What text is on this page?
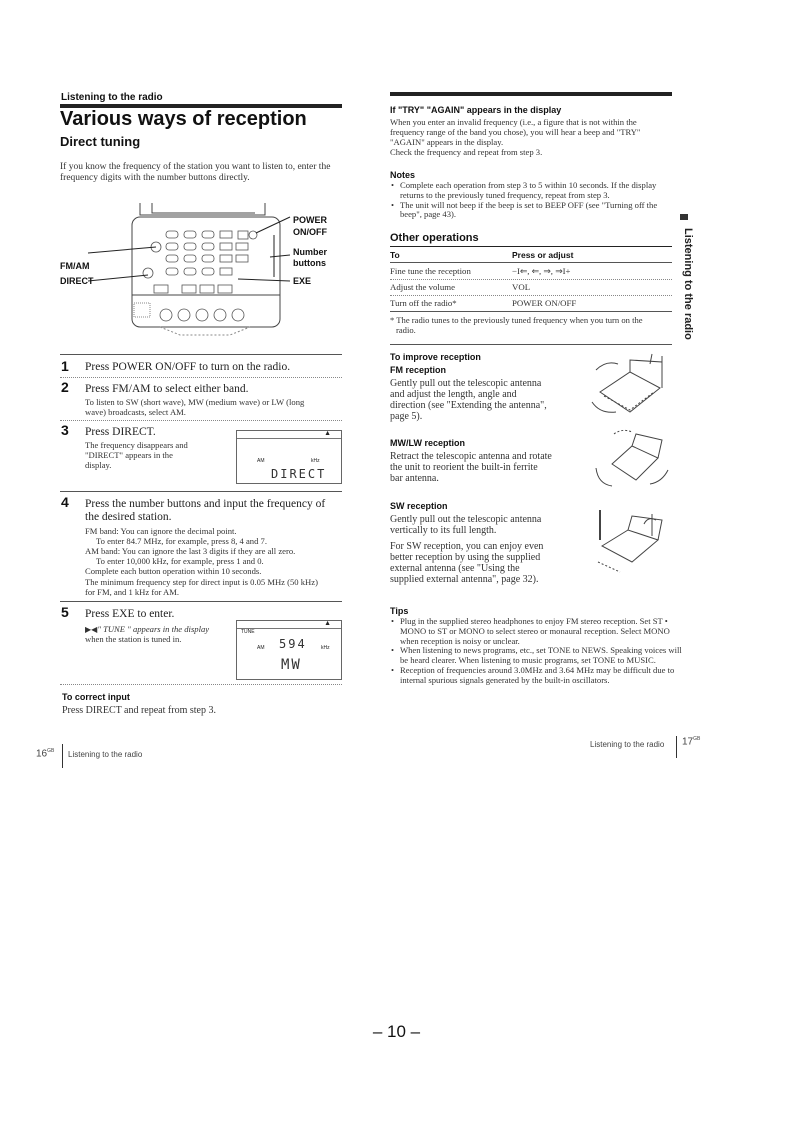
Listening to the radio
Various ways of reception
Direct tuning
If you know the frequency of the station you want to listen to, enter the frequency digits with the number buttons directly.
FM/AM
DIRECT
POWER
ON/OFF
Number
buttons
EXE
1 Press POWER ON/OFF to turn on the radio.
2 Press FM/AM to select either band.
To listen to SW (short wave), MW (medium wave) or LW (long
wave) broadcasts, select AM.
3 Press DIRECT.
The frequency disappears and
"DIRECT" appears in the
display.
▲
AM	kHz
DIRECT
4 Press the number buttons and input the frequency of
the desired station.
FM band: You can ignore the decimal point.
To enter 84.7 MHz, for example, press 8, 4 and 7.
AM band: You can ignore the last 3 digits if they are all zero.
To enter 10,000 kHz, for example, press 1 and 0.
Complete each button operation within 10 seconds.
The minimum frequency step for direct input is 0.05 MHz (50 kHz)
for FM, and 1 kHz for AM.
5 Press EXE to enter.
▶◀" TUNE " appears in the display
when the station is tuned in.
▲
TUNE
AM 594	kHz
MW
To correct input
Press DIRECT and repeat from step 3.
$16^{GB}$ Listening to the radio
If "TRY" "AGAIN" appears in the display
When you enter an invalid frequency (i.e., a figure that is not within the
frequency range of the band you chose), you will hear a beep and "TRY"
"AGAIN" appears in the display.
Check the frequency and repeat from step 3.
Notes
• Complete each operation from step 3 to 5 within 10 seconds. If the display returns to the previously tuned frequency, repeat from step 3.
• The unit will not beep if the beep is set to BEEP OFF (see "Turning off the beep", page 43).
Other operations
To	Press or adjust
Fine tune the reception	−I⇐, ⇐, ⇒, ⇒I+
Adjust the volume	VOL
Turn off the radio*	POWER ON/OFF
* The radio tunes to the previously tuned frequency when you turn on the
radio.	Listening to the radio
To improve reception
FM reception
Gently pull out the telescopic antenna
and adjust the length, angle and
direction (see "Extending the antenna",
page 5).
MW/LW reception
Retract the telescopic antenna and rotate
the unit to reorient the built-in ferrite
bar antenna.
SW reception
Gently pull out the telescopic antenna
vertically to its full length.
For SW reception, you can enjoy even
better reception by using the supplied
external antenna (see "Using the
supplied external antenna", page 32).
Tips
• Plug in the supplied stereo headphones to enjoy FM stereo reception. Set ST • MONO to ST or MONO to select stereo or monaural reception. Select MONO when reception is noisy or unclear.
• When listening to news programs, etc., set TONE to NEWS. Speaking voices will be heard clearer. When listening to music programs, set TONE to MUSIC.
• Reception of frequencies around 3.0MHz and 3.64 MHz may be difficult due to internal spurious signals generated by the built-in oscillators.
Listening to the radio $17^{GB}$
– 10 –
